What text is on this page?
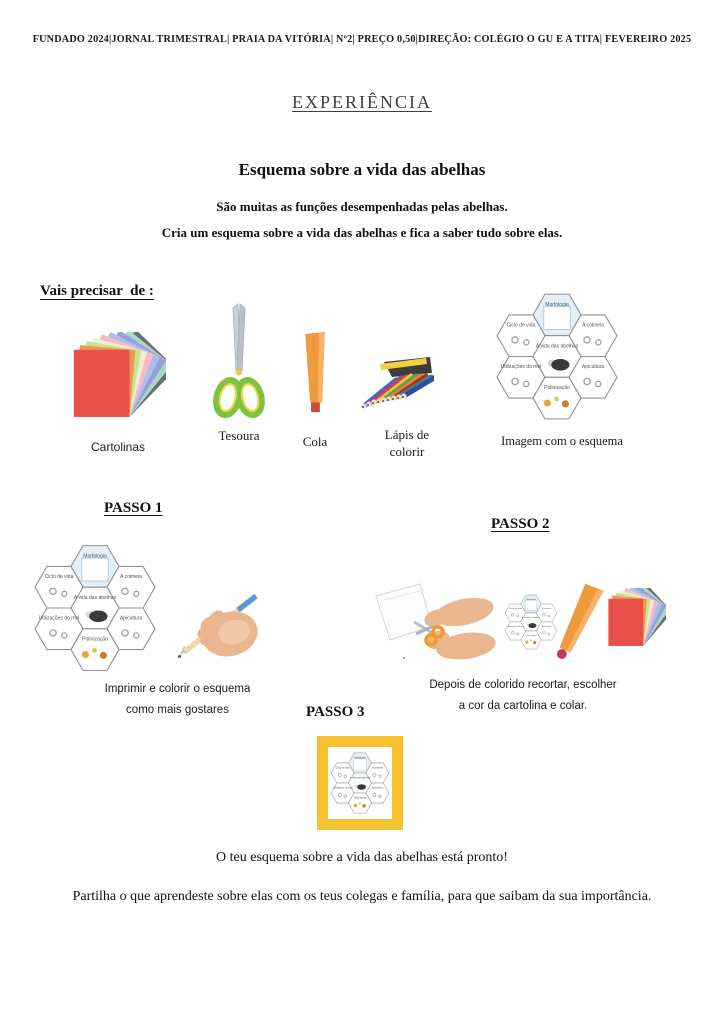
FUNDADO 2024|JORNAL TRIMESTRAL| PRAIA DA VITÓRIA| Nº2| PREÇO 0,50|DIREÇÃO: COLÉGIO O GU E A TITA| FEVEREIRO 2025
EXPERIÊNCIA
Esquema sobre a vida das abelhas
São muitas as funções desempenhadas pelas abelhas.
Cria um esquema sobre a vida das abelhas e fica a saber tudo sobre elas.
Vais precisar  de :
Cartolinas
Tesoura	Cola	Lápis de colorir
Morfologia
Ciclo de vida	A colmeia
A vida das abelhas
Utilizações do mel	Apicultura
Polinização
Imagem com o esquema
PASSO 1
Morfologia
Ciclo de vida	A colmeia
A vida das abelhas
Utilizações do mel	Apicultura
Polinização
Imprimir e colorir o esquema
como mais gostares
PASSO 2
Morfologia
Ciclo de vida	A colmeia
A vida das abelhas
Utilizações do mel	Apicultura
Polinização
Depois de colorido recortar, escolher
a cor da cartolina e colar.
PASSO 3
Morfologia
Ciclo de vida	A colmeia
A vida das abelhas
Utilizações do mel	Apicultura
Polinização
O teu esquema sobre a vida das abelhas está pronto!
Partilha o que aprendeste sobre elas com os teus colegas e família, para que saibam da sua importância.
